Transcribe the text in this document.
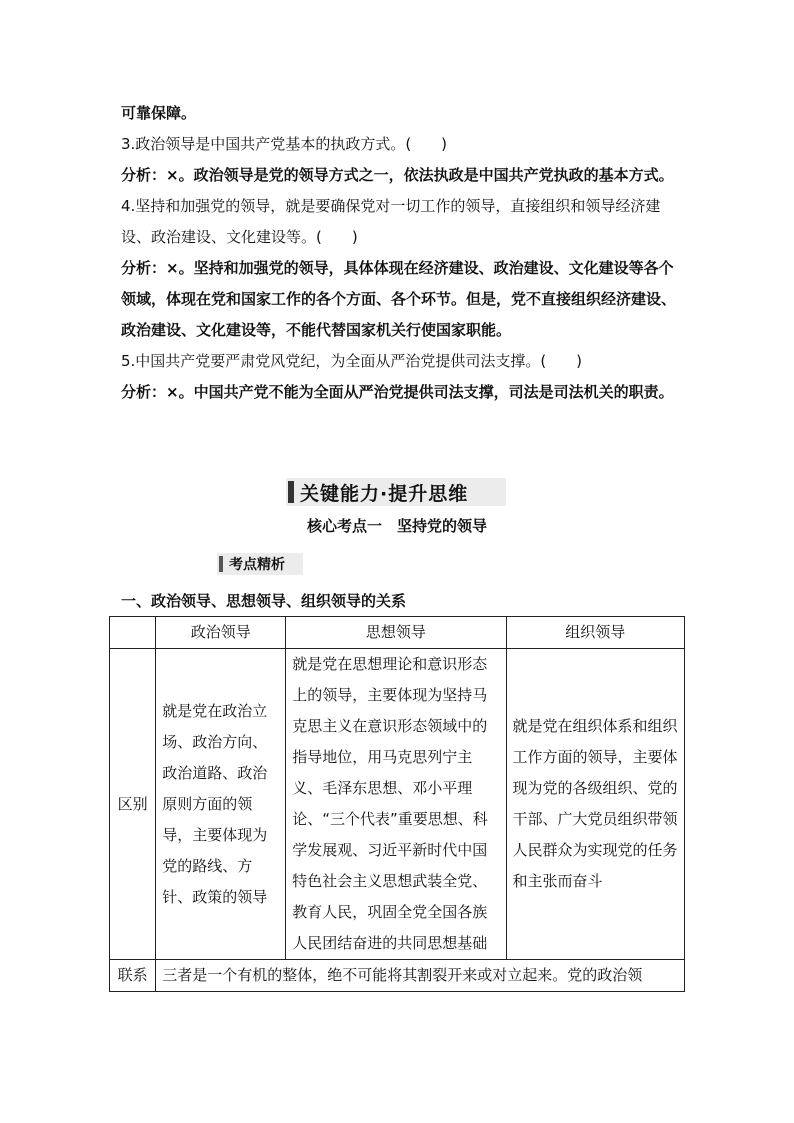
可靠保障。

3.政治领导是中国共产党基本的执政方式。(　　)

分析：×。政治领导是党的领导方式之一，依法执政是中国共产党执政的基本方式。

4.坚持和加强党的领导，就是要确保党对一切工作的领导，直接组织和领导经济建设、政治建设、文化建设等。(　　)

分析：×。坚持和加强党的领导，具体体现在经济建设、政治建设、文化建设等各个领域，体现在党和国家工作的各个方面、各个环节。但是，党不直接组织经济建设、政治建设、文化建设等，不能代替国家机关行使国家职能。

5.中国共产党要严肃党风党纪，为全面从严治党提供司法支撑。(　　)

分析：×。中国共产党不能为全面从严治党提供司法支撑，司法是司法机关的职责。

关键能力·提升思维
核心考点一　坚持党的领导
考点精析
一、政治领导、思想领导、组织领导的关系
	政治领导	思想领导	组织领导
区别	就是党在政治立场、政治方向、政治道路、政治原则方面的领导，主要体现为党的路线、方针、政策的领导	就是党在思想理论和意识形态上的领导，主要体现为坚持马克思主义在意识形态领域中的指导地位，用马克思列宁主义、毛泽东思想、邓小平理论、“三个代表”重要思想、科学发展观、习近平新时代中国特色社会主义思想武装全党、教育人民，巩固全党全国各族人民团结奋进的共同思想基础	就是党在组织体系和组织工作方面的领导，主要体现为党的各级组织、党的干部、广大党员组织带领人民群众为实现党的任务和主张而奋斗
联系	三者是一个有机的整体，绝不可能将其割裂开来或对立起来。党的政治领		
